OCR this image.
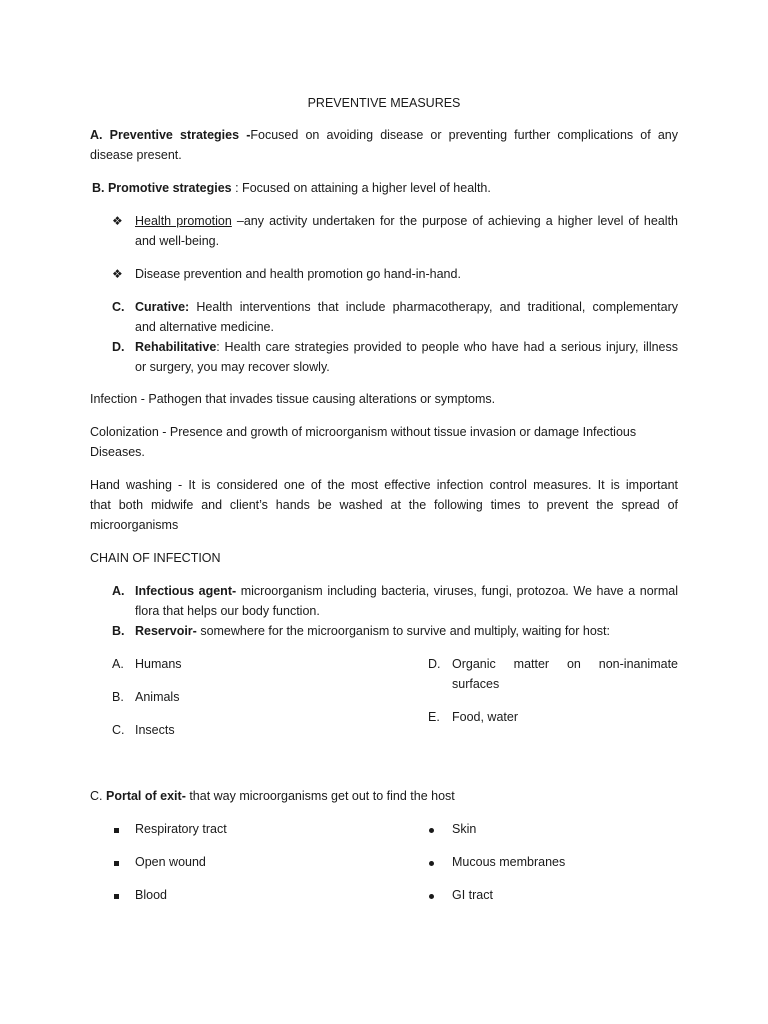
PREVENTIVE MEASURES
A. Preventive strategies -Focused on avoiding disease or preventing further complications of any
disease present.
B. Promotive strategies : Focused on attaining a higher level of health.
❖ Health promotion –any activity undertaken for the purpose of achieving a higher level of health
and well-being.
❖ Disease prevention and health promotion go hand-in-hand.
C. Curative: Health interventions that include pharmacotherapy, and traditional, complementary
and alternative medicine.
D. Rehabilitative: Health care strategies provided to people who have had a serious injury, illness
or surgery, you may recover slowly.
Infection - Pathogen that invades tissue causing alterations or symptoms.
Colonization - Presence and growth of microorganism without tissue invasion or damage Infectious
Diseases.
Hand washing - It is considered one of the most effective infection control measures. It is important
that both midwife and client’s hands be washed at the following times to prevent the spread of
microorganisms
CHAIN OF INFECTION
A. Infectious agent- microorganism including bacteria, viruses, fungi, protozoa. We have a normal
flora that helps our body function.
B. Reservoir- somewhere for the microorganism to survive and multiply, waiting for host:
A. Humans
B. Animals
C. Insects
D. Organic matter on non-inanimate
surfaces
E. Food, water
C. Portal of exit- that way microorganisms get out to find the host
Respiratory tract
Open wound
Blood
Skin
Mucous membranes
GI tract
